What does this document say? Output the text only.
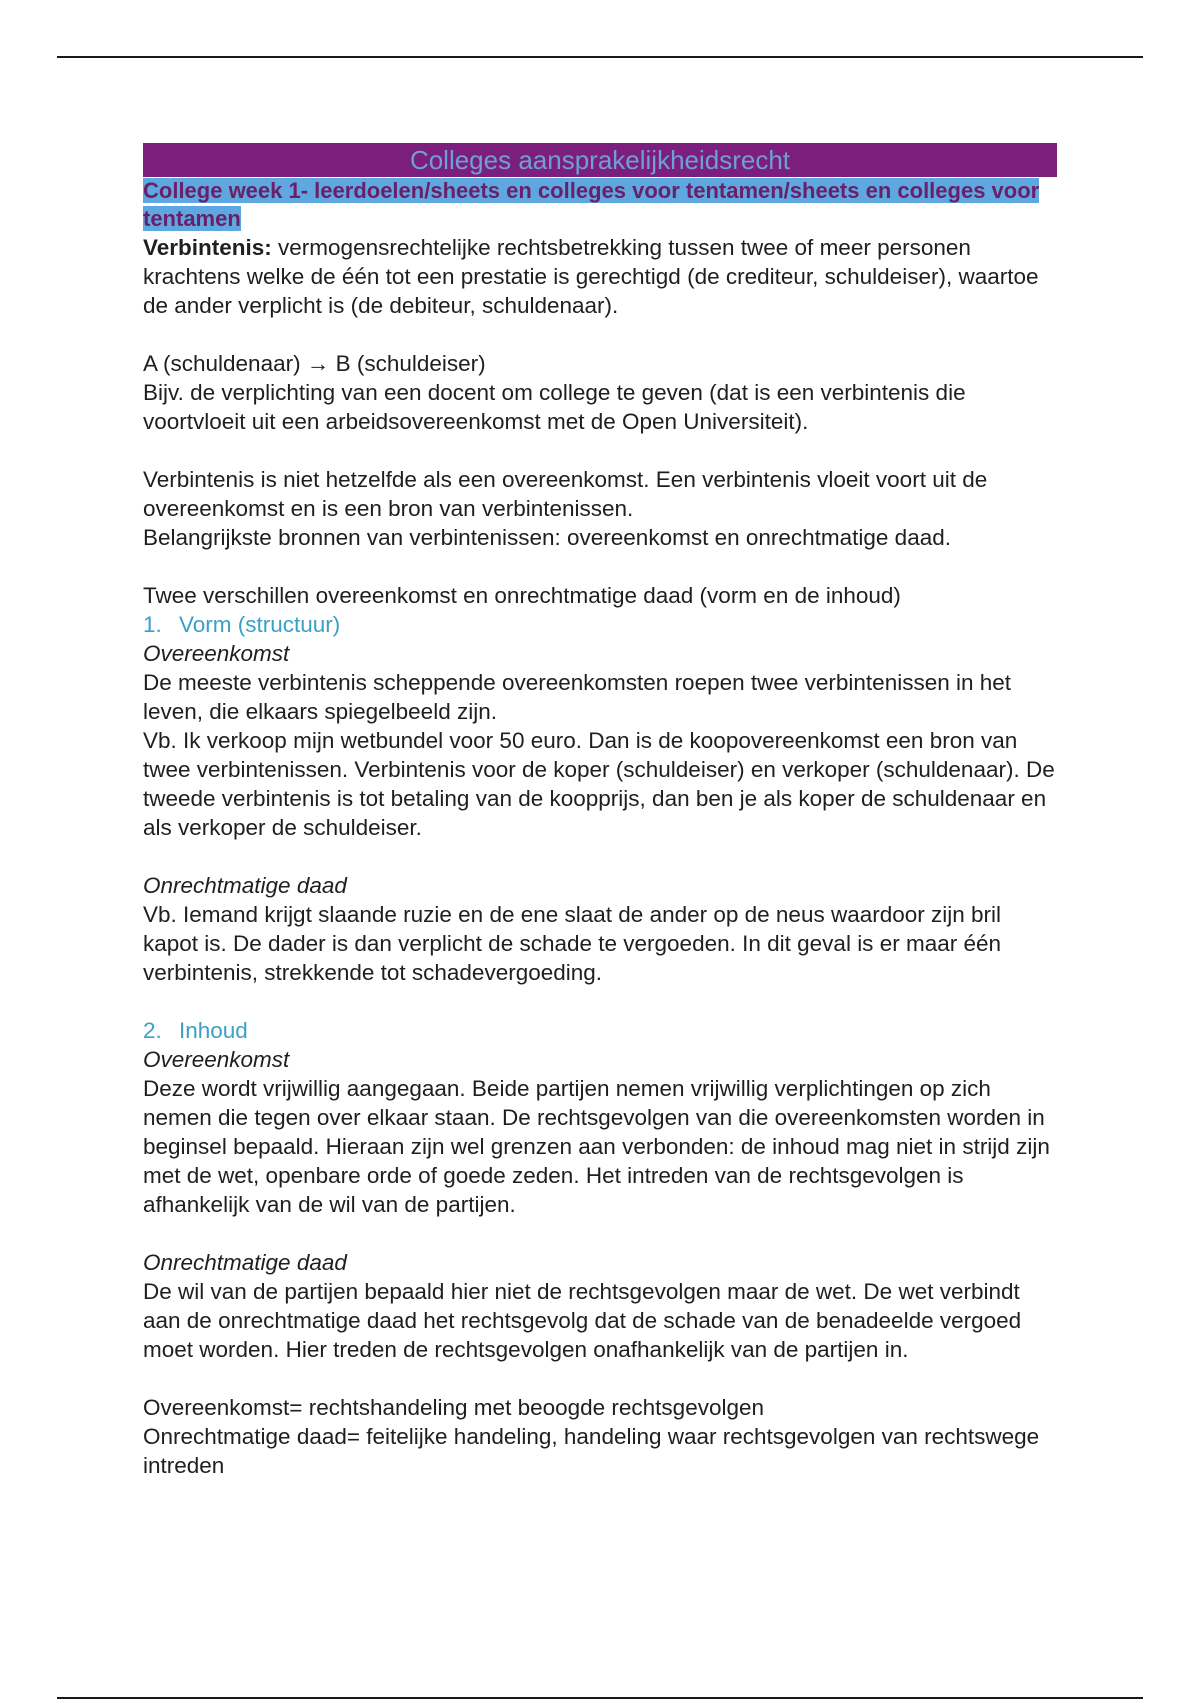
Colleges aansprakelijkheidsrecht
College week 1- leerdoelen/sheets en colleges voor tentamen/sheets en colleges voor tentamen

Verbintenis: vermogensrechtelijke rechtsbetrekking tussen twee of meer personen krachtens welke de één tot een prestatie is gerechtigd (de crediteur, schuldeiser), waartoe de ander verplicht is (de debiteur, schuldenaar).

A (schuldenaar) → B (schuldeiser)

Bijv. de verplichting van een docent om college te geven (dat is een verbintenis die voortvloeit uit een arbeidsovereenkomst met de Open Universiteit).

Verbintenis is niet hetzelfde als een overeenkomst. Een verbintenis vloeit voort uit de overeenkomst en is een bron van verbintenissen.

Belangrijkste bronnen van verbintenissen: overeenkomst en onrechtmatige daad.

Twee verschillen overeenkomst en onrechtmatige daad (vorm en de inhoud)

1. Vorm (structuur)

Overeenkomst

De meeste verbintenis scheppende overeenkomsten roepen twee verbintenissen in het leven, die elkaars spiegelbeeld zijn.

Vb. Ik verkoop mijn wetbundel voor 50 euro. Dan is de koopovereenkomst een bron van twee verbintenissen. Verbintenis voor de koper (schuldeiser) en verkoper (schuldenaar). De tweede verbintenis is tot betaling van de koopprijs, dan ben je als koper de schuldenaar en als verkoper de schuldeiser.

Onrechtmatige daad

Vb. Iemand krijgt slaande ruzie en de ene slaat de ander op de neus waardoor zijn bril kapot is. De dader is dan verplicht de schade te vergoeden. In dit geval is er maar één verbintenis, strekkende tot schadevergoeding.

2. Inhoud

Overeenkomst

Deze wordt vrijwillig aangegaan. Beide partijen nemen vrijwillig verplichtingen op zich nemen die tegen over elkaar staan. De rechtsgevolgen van die overeenkomsten worden in beginsel bepaald. Hieraan zijn wel grenzen aan verbonden: de inhoud mag niet in strijd zijn met de wet, openbare orde of goede zeden. Het intreden van de rechtsgevolgen is afhankelijk van de wil van de partijen.

Onrechtmatige daad

De wil van de partijen bepaald hier niet de rechtsgevolgen maar de wet. De wet verbindt aan de onrechtmatige daad het rechtsgevolg dat de schade van de benadeelde vergoed moet worden. Hier treden de rechtsgevolgen onafhankelijk van de partijen in.

Overeenkomst= rechtshandeling met beoogde rechtsgevolgen

Onrechtmatige daad= feitelijke handeling, handeling waar rechtsgevolgen van rechtswege intreden
